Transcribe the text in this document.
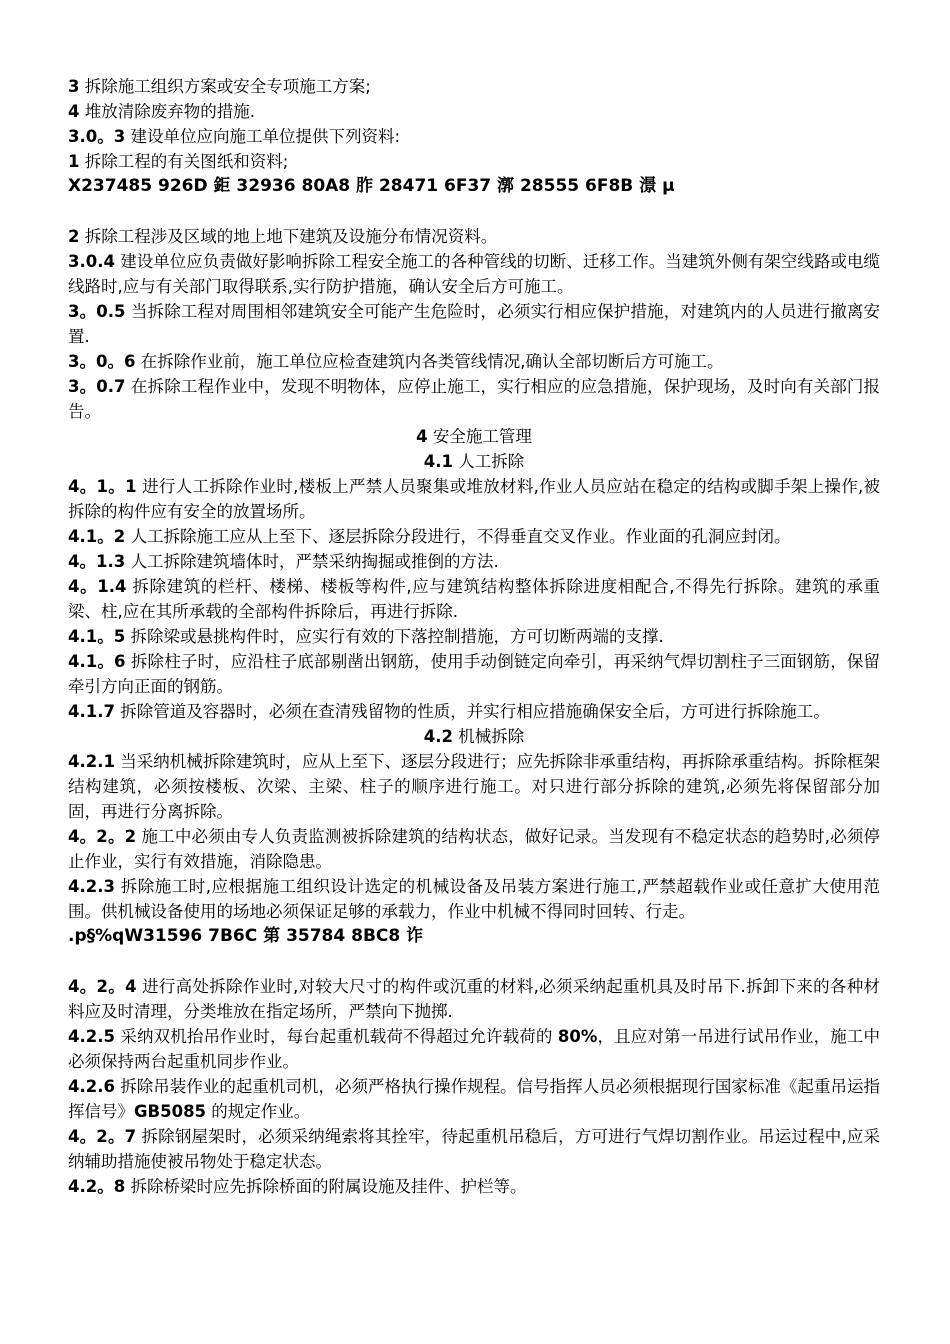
3 拆除施工组织方案或安全专项施工方案;

4 堆放清除废弃物的措施.

3.0。3 建设单位应向施工单位提供下列资料:

1 拆除工程的有关图纸和资料;

X237485 926D 鉅 32936 80A8 胙 28471 6F37 漷 28555 6F8B 澋 µ

2 拆除工程涉及区域的地上地下建筑及设施分布情况资料。

3.0.4 建设单位应负责做好影响拆除工程安全施工的各种管线的切断、迁移工作。当建筑外侧有架空线路或电缆线路时,应与有关部门取得联系,实行防护措施，确认安全后方可施工。

3。0.5 当拆除工程对周围相邻建筑安全可能产生危险时，必须实行相应保护措施，对建筑内的人员进行撤离安置.

3。0。6 在拆除作业前，施工单位应检查建筑内各类管线情况,确认全部切断后方可施工。

3。0.7 在拆除工程作业中，发现不明物体，应停止施工，实行相应的应急措施，保护现场，及时向有关部门报告。

4 安全施工管理

4.1 人工拆除

4。1。1 进行人工拆除作业时,楼板上严禁人员聚集或堆放材料,作业人员应站在稳定的结构或脚手架上操作,被拆除的构件应有安全的放置场所。

4.1。2 人工拆除施工应从上至下、逐层拆除分段进行，不得垂直交叉作业。作业面的孔洞应封闭。

4。1.3 人工拆除建筑墙体时，严禁采纳掏掘或推倒的方法.

4。1.4 拆除建筑的栏杆、楼梯、楼板等构件,应与建筑结构整体拆除进度相配合,不得先行拆除。建筑的承重梁、柱,应在其所承载的全部构件拆除后，再进行拆除.

4.1。5 拆除梁或悬挑构件时，应实行有效的下落控制措施，方可切断两端的支撑.

4.1。6 拆除柱子时，应沿柱子底部剔凿出钢筋，使用手动倒链定向牵引，再采纳气焊切割柱子三面钢筋，保留牵引方向正面的钢筋。

4.1.7 拆除管道及容器时，必须在查清残留物的性质，并实行相应措施确保安全后，方可进行拆除施工。

4.2 机械拆除

4.2.1 当采纳机械拆除建筑时，应从上至下、逐层分段进行；应先拆除非承重结构，再拆除承重结构。拆除框架结构建筑，必须按楼板、次梁、主梁、柱子的顺序进行施工。对只进行部分拆除的建筑,必须先将保留部分加固，再进行分离拆除。

4。2。2 施工中必须由专人负责监测被拆除建筑的结构状态，做好记录。当发现有不稳定状态的趋势时,必须停止作业，实行有效措施，消除隐患。

4.2.3 拆除施工时,应根据施工组织设计选定的机械设备及吊装方案进行施工,严禁超载作业或任意扩大使用范围。供机械设备使用的场地必须保证足够的承载力，作业中机械不得同时回转、行走。

.p§%qW31596 7B6C 第 35784 8BC8 诈

4。2。4 进行高处拆除作业时,对较大尺寸的构件或沉重的材料,必须采纳起重机具及时吊下.拆卸下来的各种材料应及时清理，分类堆放在指定场所，严禁向下抛掷.

4.2.5 采纳双机抬吊作业时，每台起重机载荷不得超过允许载荷的 80%，且应对第一吊进行试吊作业，施工中必须保持两台起重机同步作业。

4.2.6 拆除吊装作业的起重机司机，必须严格执行操作规程。信号指挥人员必须根据现行国家标准《起重吊运指挥信号》GB5085 的规定作业。

4。2。7 拆除钢屋架时，必须采纳绳索将其拴牢，待起重机吊稳后，方可进行气焊切割作业。吊运过程中,应采纳辅助措施使被吊物处于稳定状态。

4.2。8 拆除桥梁时应先拆除桥面的附属设施及挂件、护栏等。
